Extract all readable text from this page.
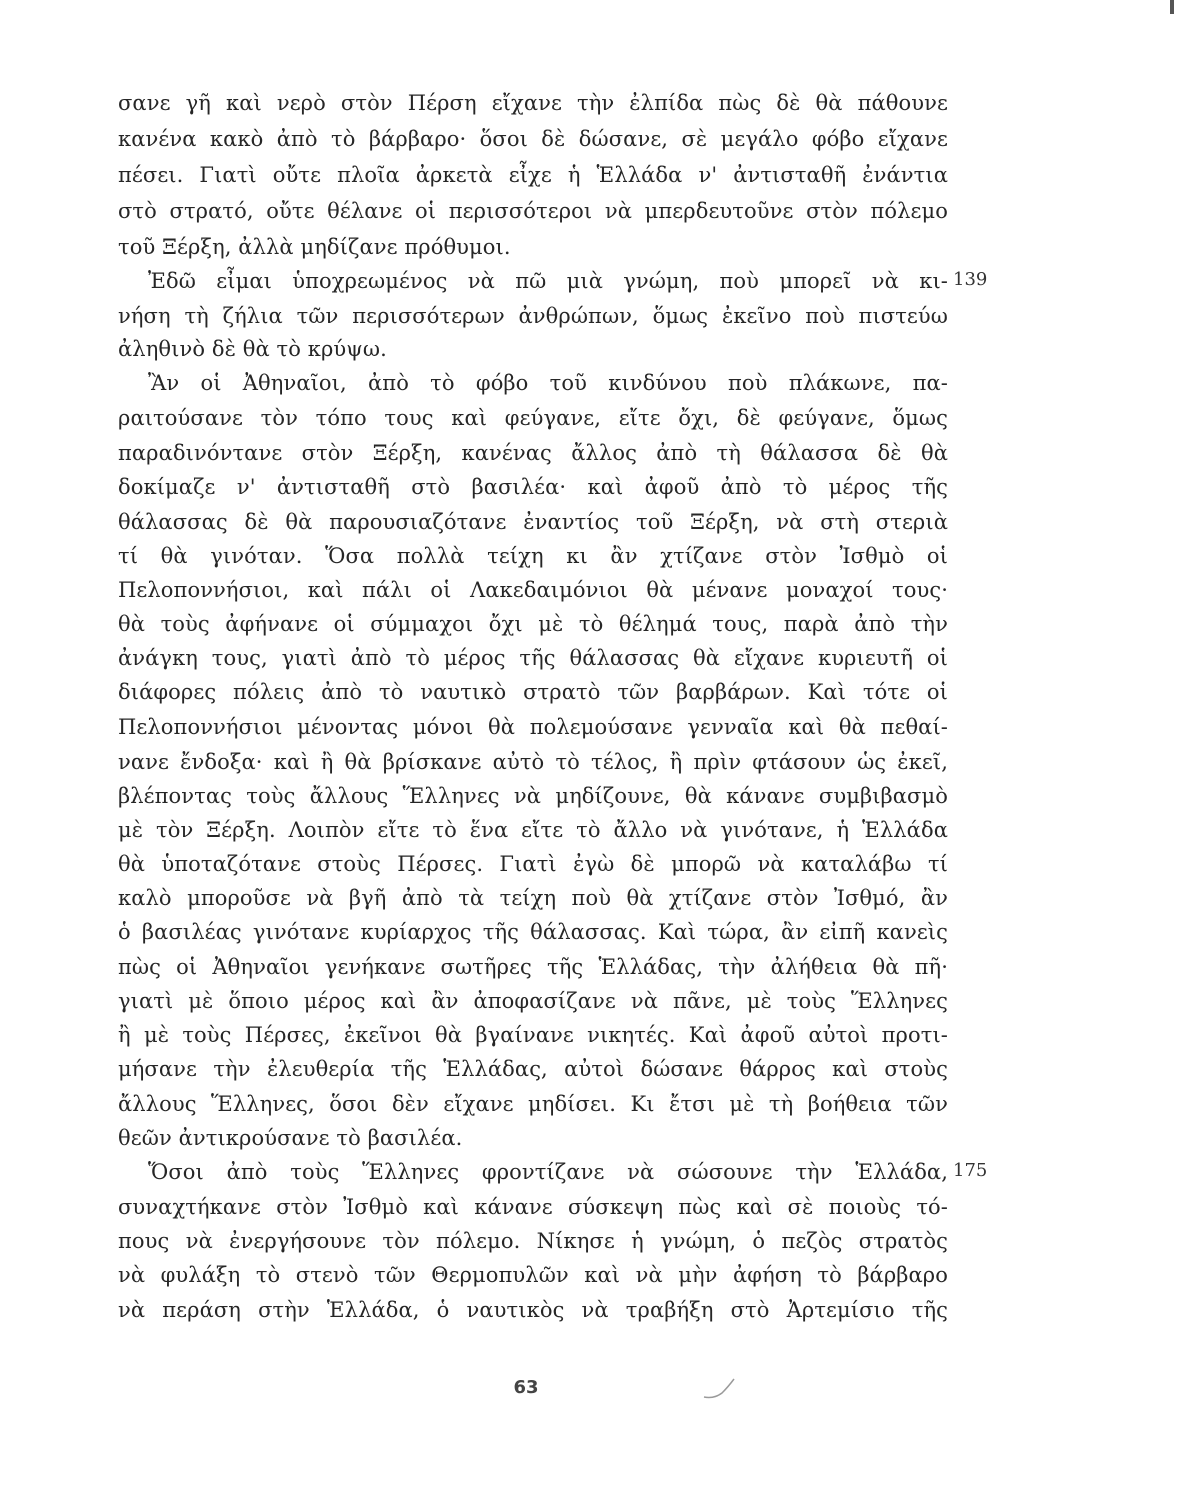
σανε γῆ καὶ νερὸ στὸν Πέρση εἴχανε τὴν ἐλπίδα πὼς δὲ θὰ πάθουνε
κανένα κακὸ ἀπὸ τὸ βάρβαρο· ὅσοι δὲ δώσανε, σὲ μεγάλο φόβο εἴχανε
πέσει. Γιατὶ οὔτε πλοῖα ἀρκετὰ εἶχε ἡ Ἑλλάδα ν' ἀντισταθῆ ἐνάντια
στὸ στρατό, οὔτε θέλανε οἱ περισσότεροι νὰ μπερδευτοῦνε στὸν πόλεμο
τοῦ Ξέρξη, ἀλλὰ μηδίζανε πρόθυμοι.
Ἐδῶ εἶμαι ὑποχρεωμένος νὰ πῶ μιὰ γνώμη, ποὺ μπορεῖ νὰ κι-
νήση τὴ ζήλια τῶν περισσότερων ἀνθρώπων, ὅμως ἐκεῖνο ποὺ πιστεύω
ἀληθινὸ δὲ θὰ τὸ κρύψω.
Ἂν οἱ Ἀθηναῖοι, ἀπὸ τὸ φόβο τοῦ κινδύνου ποὺ πλάκωνε, πα-
ραιτούσανε τὸν τόπο τους καὶ φεύγανε, εἴτε ὄχι, δὲ φεύγανε, ὅμως
παραδινόντανε στὸν Ξέρξη, κανένας ἄλλος ἀπὸ τὴ θάλασσα δὲ θὰ
δοκίμαζε ν' ἀντισταθῆ στὸ βασιλέα· καὶ ἀφοῦ ἀπὸ τὸ μέρος τῆς
θάλασσας δὲ θὰ παρουσιαζότανε ἐναντίος τοῦ Ξέρξη, νὰ στὴ στεριὰ
τί θὰ γινόταν. Ὅσα πολλὰ τείχη κι ἂν χτίζανε στὸν Ἰσθμὸ οἱ
Πελοποννήσιοι, καὶ πάλι οἱ Λακεδαιμόνιοι θὰ μένανε μοναχοί τους·
θὰ τοὺς ἀφήνανε οἱ σύμμαχοι ὄχι μὲ τὸ θέλημά τους, παρὰ ἀπὸ τὴν
ἀνάγκη τους, γιατὶ ἀπὸ τὸ μέρος τῆς θάλασσας θὰ εἴχανε κυριευτῆ οἱ
διάφορες πόλεις ἀπὸ τὸ ναυτικὸ στρατὸ τῶν βαρβάρων. Καὶ τότε οἱ
Πελοποννήσιοι μένοντας μόνοι θὰ πολεμούσανε γενναῖα καὶ θὰ πεθαί-
νανε ἔνδοξα· καὶ ἢ θὰ βρίσκανε αὐτὸ τὸ τέλος, ἢ πρὶν φτάσουν ὡς ἐκεῖ,
βλέποντας τοὺς ἄλλους Ἕλληνες νὰ μηδίζουνε, θὰ κάνανε συμβιβασμὸ
μὲ τὸν Ξέρξη. Λοιπὸν εἴτε τὸ ἕνα εἴτε τὸ ἄλλο νὰ γινότανε, ἡ Ἑλλάδα
θὰ ὑποταζότανε στοὺς Πέρσες. Γιατὶ ἐγὼ δὲ μπορῶ νὰ καταλάβω τί
καλὸ μποροῦσε νὰ βγῆ ἀπὸ τὰ τείχη ποὺ θὰ χτίζανε στὸν Ἰσθμό, ἂν
ὁ βασιλέας γινότανε κυρίαρχος τῆς θάλασσας. Καὶ τώρα, ἂν εἰπῆ κανεὶς
πὼς οἱ Ἀθηναῖοι γενήκανε σωτῆρες τῆς Ἑλλάδας, τὴν ἀλήθεια θὰ πῆ·
γιατὶ μὲ ὅποιο μέρος καὶ ἂν ἀποφασίζανε νὰ πᾶνε, μὲ τοὺς Ἕλληνες
ἢ μὲ τοὺς Πέρσες, ἐκεῖνοι θὰ βγαίνανε νικητές. Καὶ ἀφοῦ αὐτοὶ προτι-
μήσανε τὴν ἐλευθερία τῆς Ἑλλάδας, αὐτοὶ δώσανε θάρρος καὶ στοὺς
ἄλλους Ἕλληνες, ὅσοι δὲν εἴχανε μηδίσει. Κι ἔτσι μὲ τὴ βοήθεια τῶν
θεῶν ἀντικρούσανε τὸ βασιλέα.
Ὅσοι ἀπὸ τοὺς Ἕλληνες φροντίζανε νὰ σώσουνε τὴν Ἑλλάδα,
συναχτήκανε στὸν Ἰσθμὸ καὶ κάνανε σύσκεψη πὼς καὶ σὲ ποιοὺς τό-
πους νὰ ἐνεργήσουνε τὸν πόλεμο. Νίκησε ἡ γνώμη, ὁ πεζὸς στρατὸς
νὰ φυλάξη τὸ στενὸ τῶν Θερμοπυλῶν καὶ νὰ μὴν ἀφήση τὸ βάρβαρο
νὰ περάση στὴν Ἑλλάδα, ὁ ναυτικὸς νὰ τραβήξη στὸ Ἀρτεμίσιο τῆς
139
175
63
